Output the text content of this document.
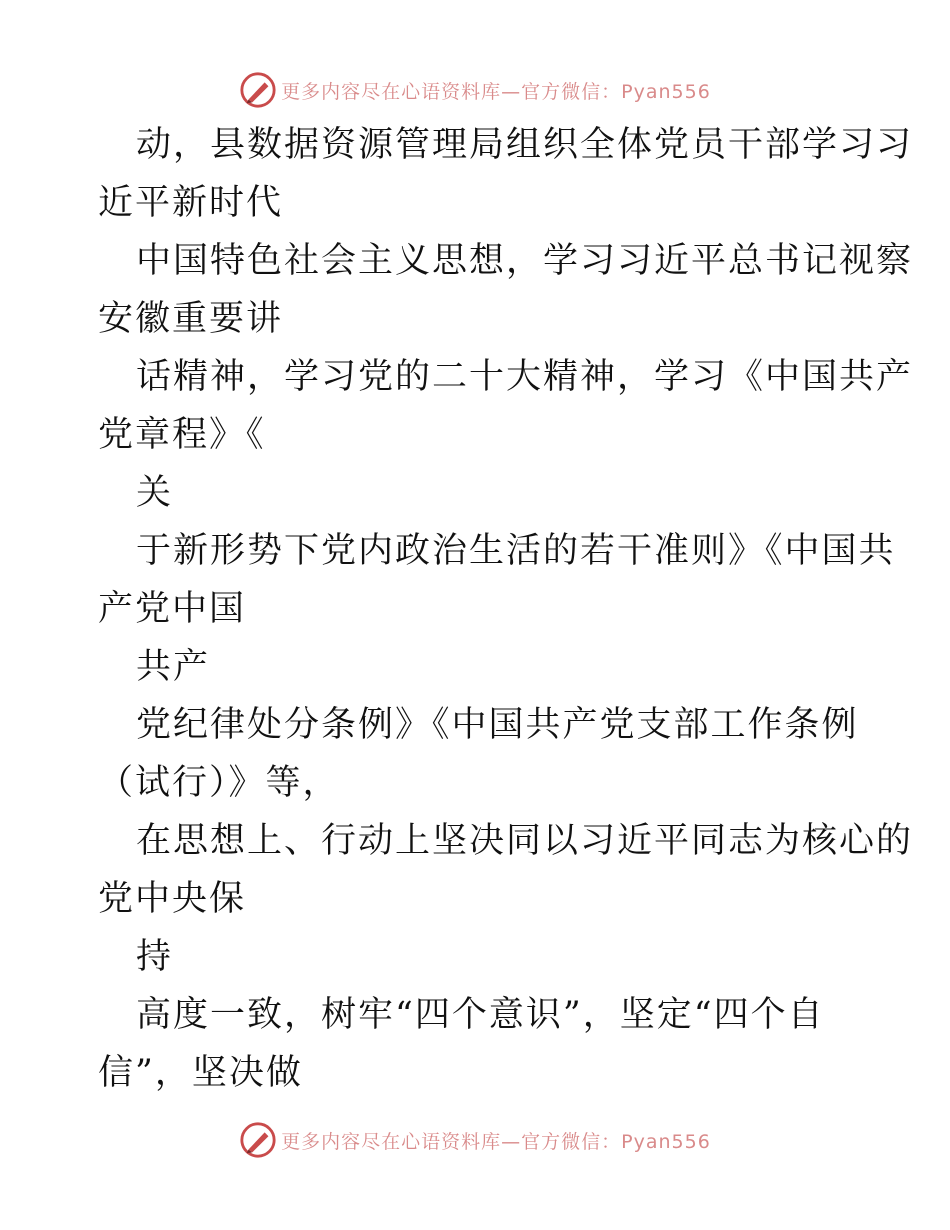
更多内容尽在心语资料库—官方微信：Pyan556
动，县数据资源管理局组织全体党员干部学习习
近平新时代
中国特色社会主义思想，学习习近平总书记视察
安徽重要讲
话精神，学习党的二十大精神，学习《中国共产
党章程》《
关
于新形势下党内政治生活的若干准则》《中国共
产党中国
共产
党纪律处分条例》《中国共产党支部工作条例
（试行）》等，
在思想上、行动上坚决同以习近平同志为核心的
党中央保
持
高度一致，树牢“四个意识”，坚定“四个自
信”，坚决做
更多内容尽在心语资料库—官方微信：Pyan556
